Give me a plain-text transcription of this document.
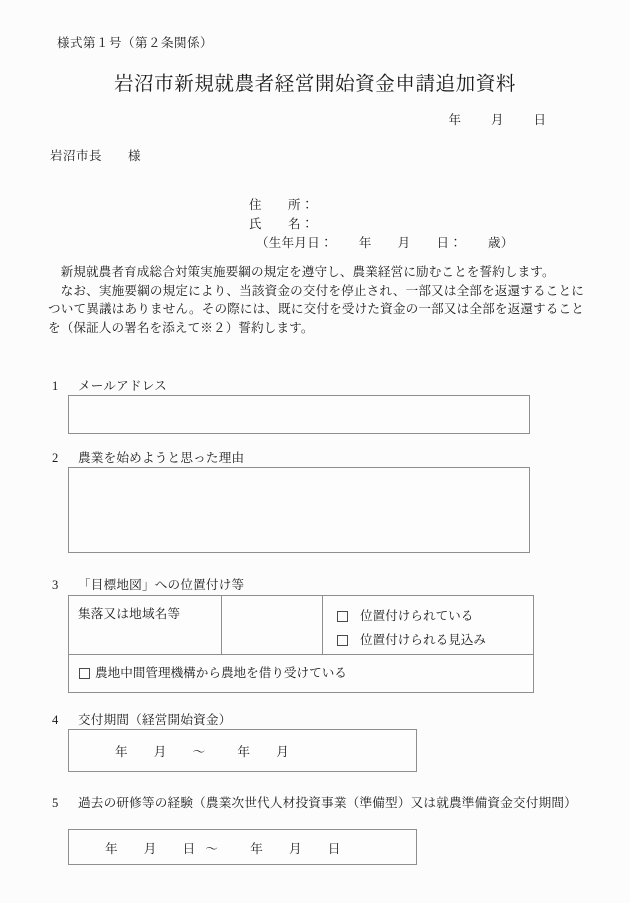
様式第１号（第２条関係）
岩沼市新規就農者経営開始資金申請追加資料
年 月 日
岩沼市長　　様
住　　所：
氏　　名：
（生年月日： 年 月 日： 歳）

新規就農者育成総合対策実施要綱の規定を遵守し、農業経営に励むことを誓約します。

なお、実施要綱の規定により、当該資金の交付を停止され、一部又は全部を返還することについて異議はありません。その際には、既に交付を受けた資金の一部又は全部を返還することを（保証人の署名を添えて※２）誓約します。

1	メールアドレス
2	農業を始めようと思った理由
3	「目標地図」への位置付け等
集落又は地域名等		位置付けられている
位置付けられる見込み

農地中間管理機構から農地を借り受けている
4	交付期間（経営開始資金）
年 月 ～	年 月
5	過去の研修等の経験（農業次世代人材投資事業（準備型）又は就農準備資金交付期間）
年 月 日 ～	年 月 日
